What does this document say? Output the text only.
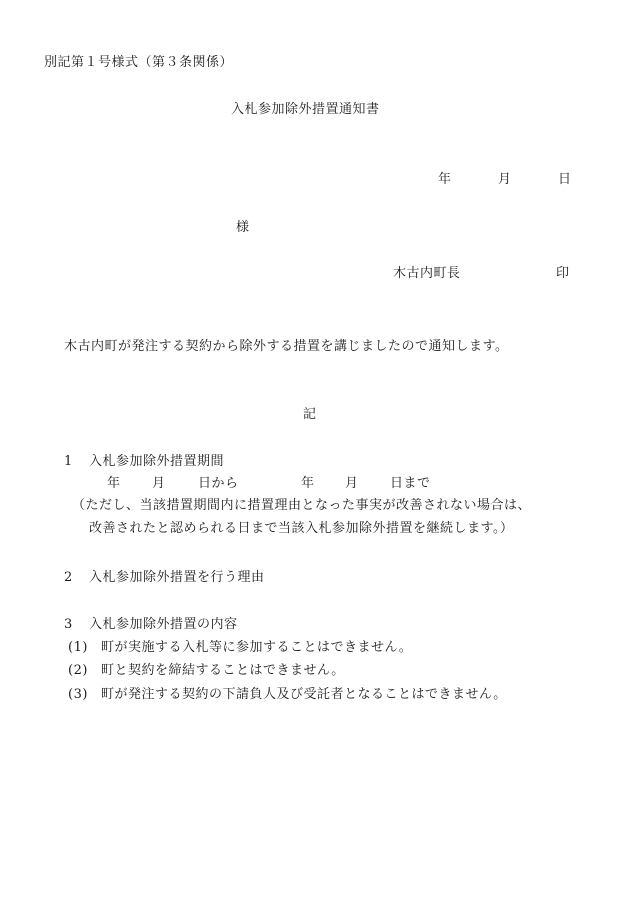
別記第１号様式（第３条関係）
入札参加除外措置通知書
年	月	日
様
木古内町長	印
木古内町が発注する契約から除外する措置を講じましたので通知します。
記
1 入札参加除外措置期間
年 月 日から	年 月 日まで
（ただし、当該措置期間内に措置理由となった事実が改善されない場合は、
改善されたと認められる日まで当該入札参加除外措置を継続します。）
2 入札参加除外措置を行う理由
3 入札参加除外措置の内容
(1) 町が実施する入札等に参加することはできません。
(2) 町と契約を締結することはできません。
(3) 町が発注する契約の下請負人及び受託者となることはできません。
